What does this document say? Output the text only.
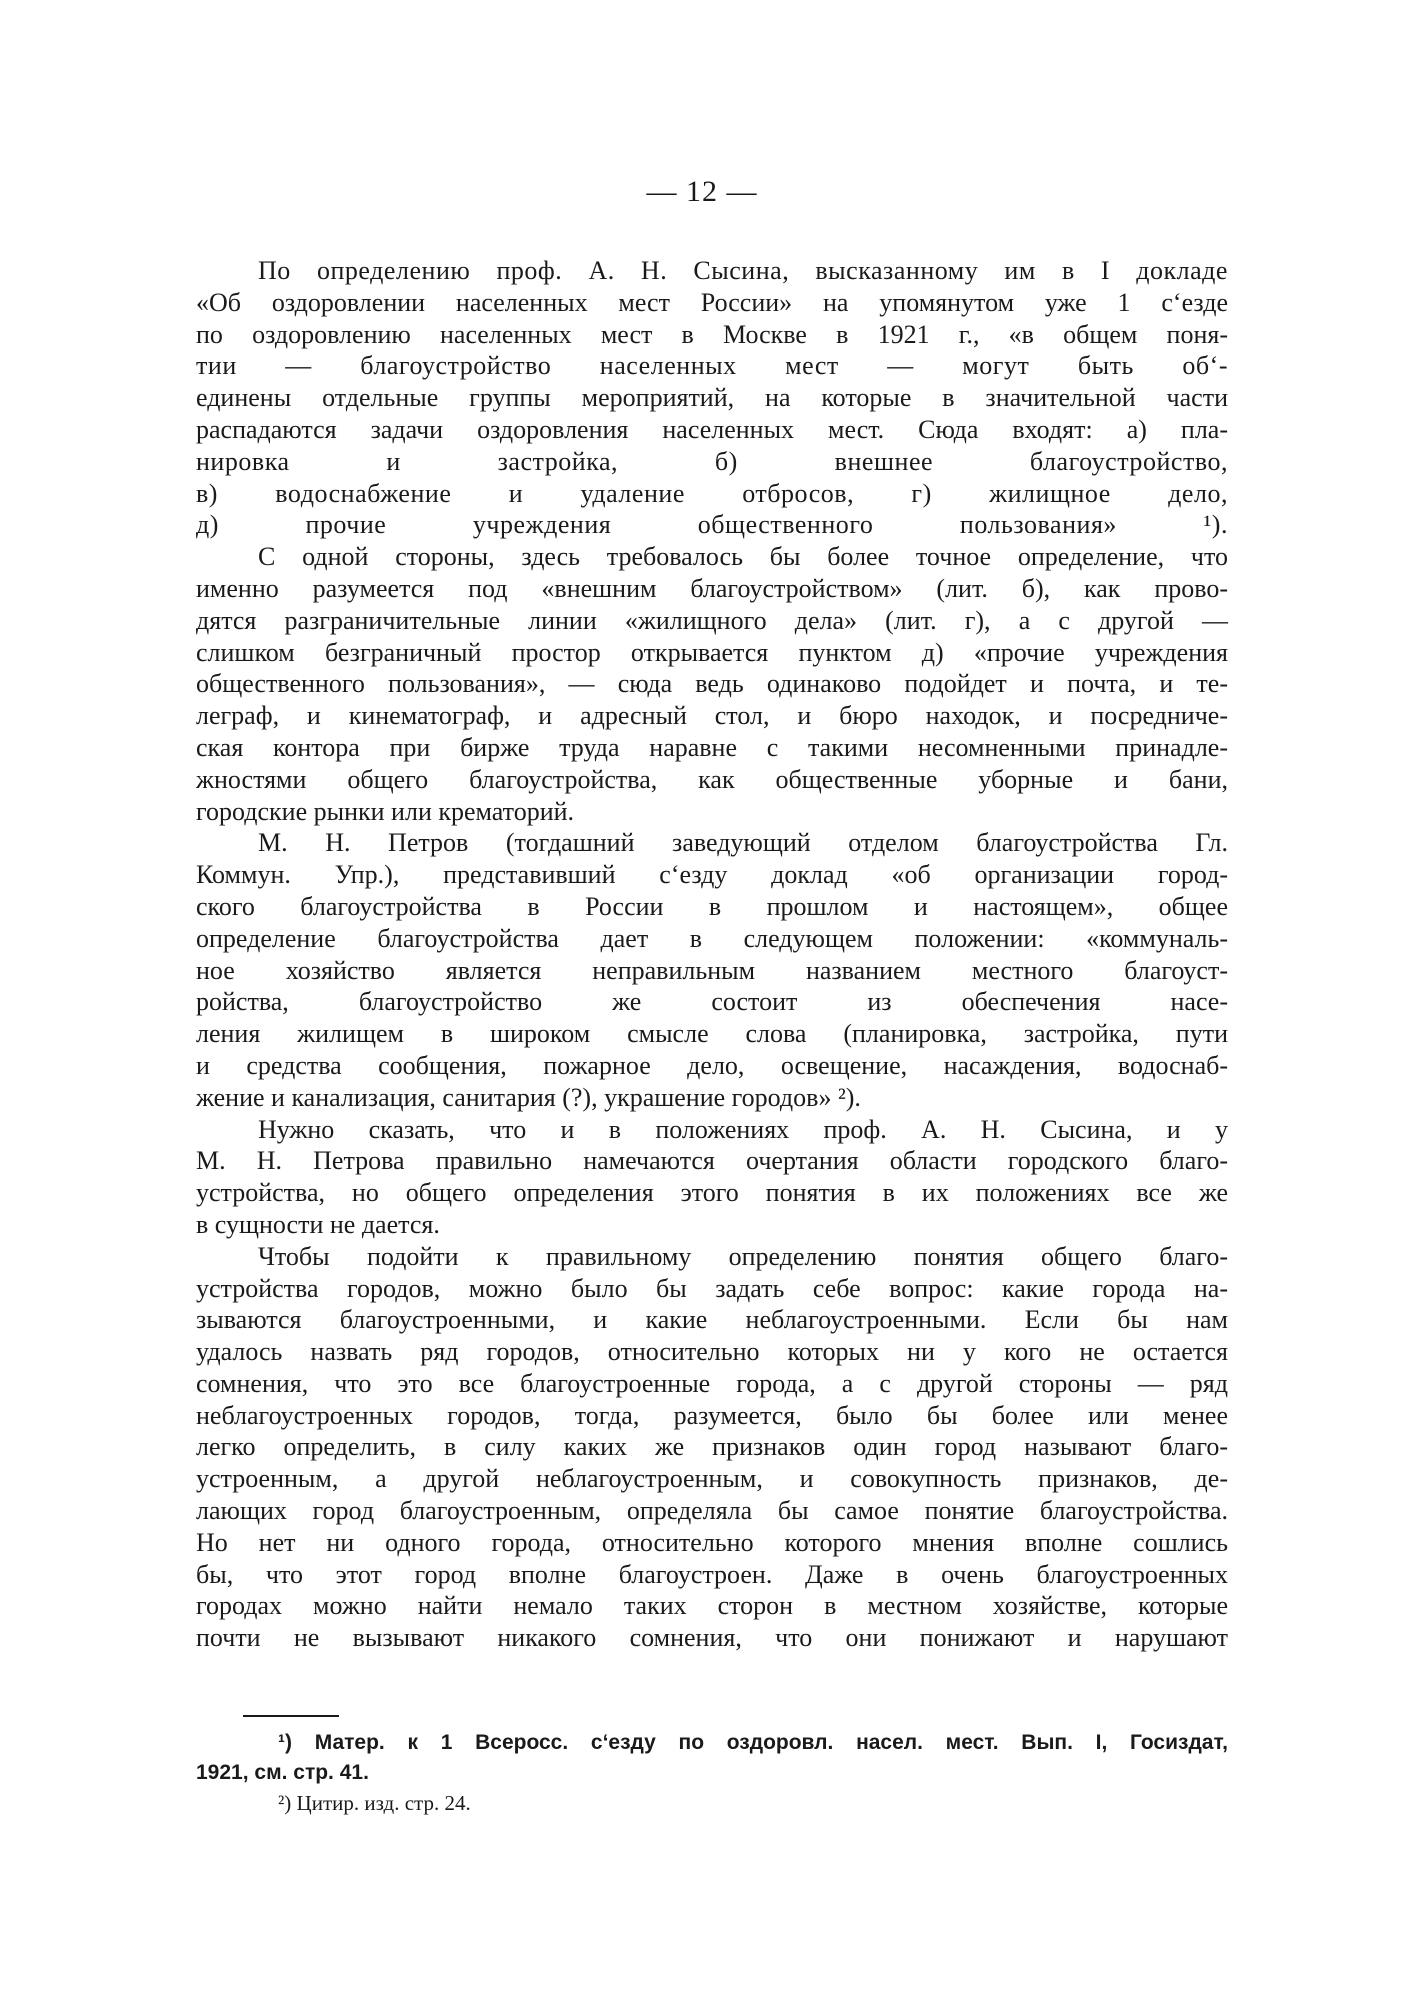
— 12 —
По определению проф. А. Н. Сысина, высказанному им в I докладе
«Об оздоровлении населенных мест России» на упомянутом уже 1 сʻезде
по оздоровлению населенных мест в Москве в 1921 г., «в общем поня-
тии — благоустройство населенных мест — могут быть обʻ-
единены отдельные группы мероприятий, на которые в значительной части
распадаются задачи оздоровления населенных мест. Сюда входят: а) пла-
нировка и застройка, б) внешнее благоустройство,
в) водоснабжение и удаление отбросов, г) жилищное дело,
д) прочие учреждения общественного пользования» ¹).
С одной стороны, здесь требовалось бы более точное определение, что
именно разумеется под «внешним благоустройством» (лит. б), как прово-
дятся разграничительные линии «жилищного дела» (лит. г), а с другой —
слишком безграничный простор открывается пунктом д) «прочие учреждения
общественного пользования», — сюда ведь одинаково подойдет и почта, и те-
леграф, и кинематограф, и адресный стол, и бюро находок, и посредниче-
ская контора при бирже труда наравне с такими несомненными принадле-
жностями общего благоустройства, как общественные уборные и бани,
городские рынки или крематорий.
М. Н. Петров (тогдашний заведующий отделом благоустройства Гл.
Коммун. Упр.), представивший сʻезду доклад «об организации город-
ского благоустройства в России в прошлом и настоящем», общее
определение благоустройства дает в следующем положении: «коммуналь-
ное хозяйство является неправильным названием местного благоуст-
ройства, благоустройство же состоит из обеспечения насе-
ления жилищем в широком смысле слова (планировка, застройка, пути
и средства сообщения, пожарное дело, освещение, насаждения, водоснаб-
жение и канализация, санитария (?), украшение городов» ²).
Нужно сказать, что и в положениях проф. А. Н. Сысина, и у
М. Н. Петрова правильно намечаются очертания области городского благо-
устройства, но общего определения этого понятия в их положениях все же
в сущности не дается.
Чтобы подойти к правильному определению понятия общего благо-
устройства городов, можно было бы задать себе вопрос: какие города на-
зываются благоустроенными, и какие неблагоустроенными. Если бы нам
удалось назвать ряд городов, относительно которых ни у кого не остается
сомнения, что это все благоустроенные города, а с другой стороны — ряд
неблагоустроенных городов, тогда, разумеется, было бы более или менее
легко определить, в силу каких же признаков один город называют благо-
устроенным, а другой неблагоустроенным, и совокупность признаков, де-
лающих город благоустроенным, определяла бы самое понятие благоустройства.
Но нет ни одного города, относительно которого мнения вполне сошлись
бы, что этот город вполне благоустроен. Даже в очень благоустроенных
городах можно найти немало таких сторон в местном хозяйстве, которые
почти не вызывают никакого сомнения, что они понижают и нарушают
¹) Матер. к 1 Всеросс. сʻезду по оздоровл. насел. мест. Вып. I, Госиздат,
1921, см. стр. 41.
²) Цитир. изд. стр. 24.
